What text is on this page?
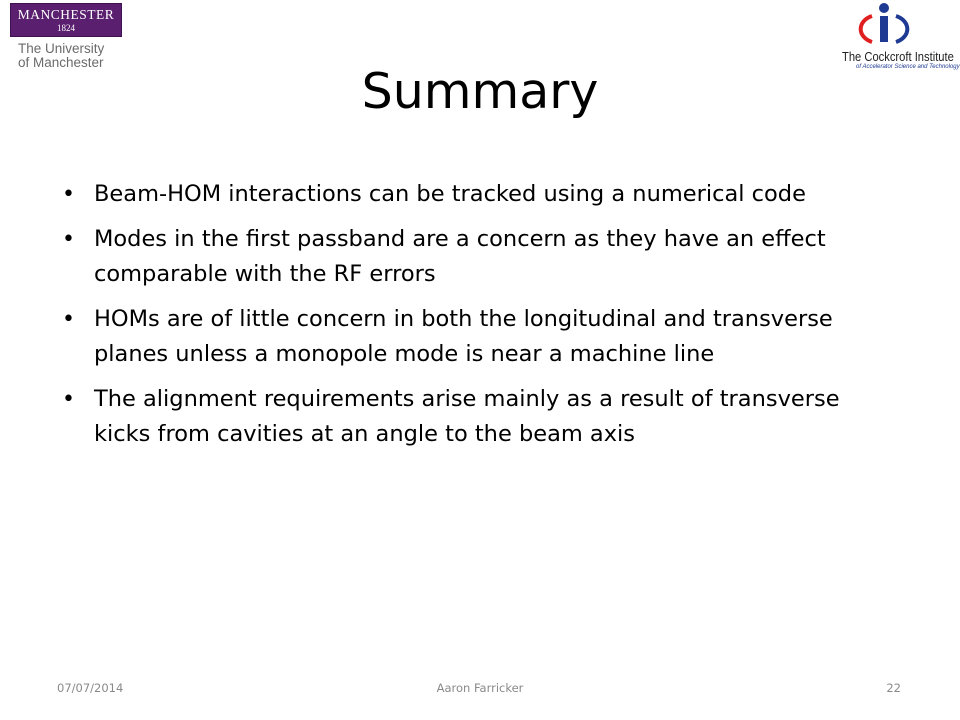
MANCHESTER
1824
The University
of Manchester	The Cockcroft Institute
of Accelerator Science and Technology
Summary
• Beam-HOM interactions can be tracked using a numerical code
• Modes in the first passband are a concern as they have an effect comparable with the RF errors
• HOMs are of little concern in both the longitudinal and transverse planes unless a monopole mode is near a machine line
• The alignment requirements arise mainly as a result of transverse kicks from cavities at an angle to the beam axis
07/07/2014	Aaron Farricker	22
